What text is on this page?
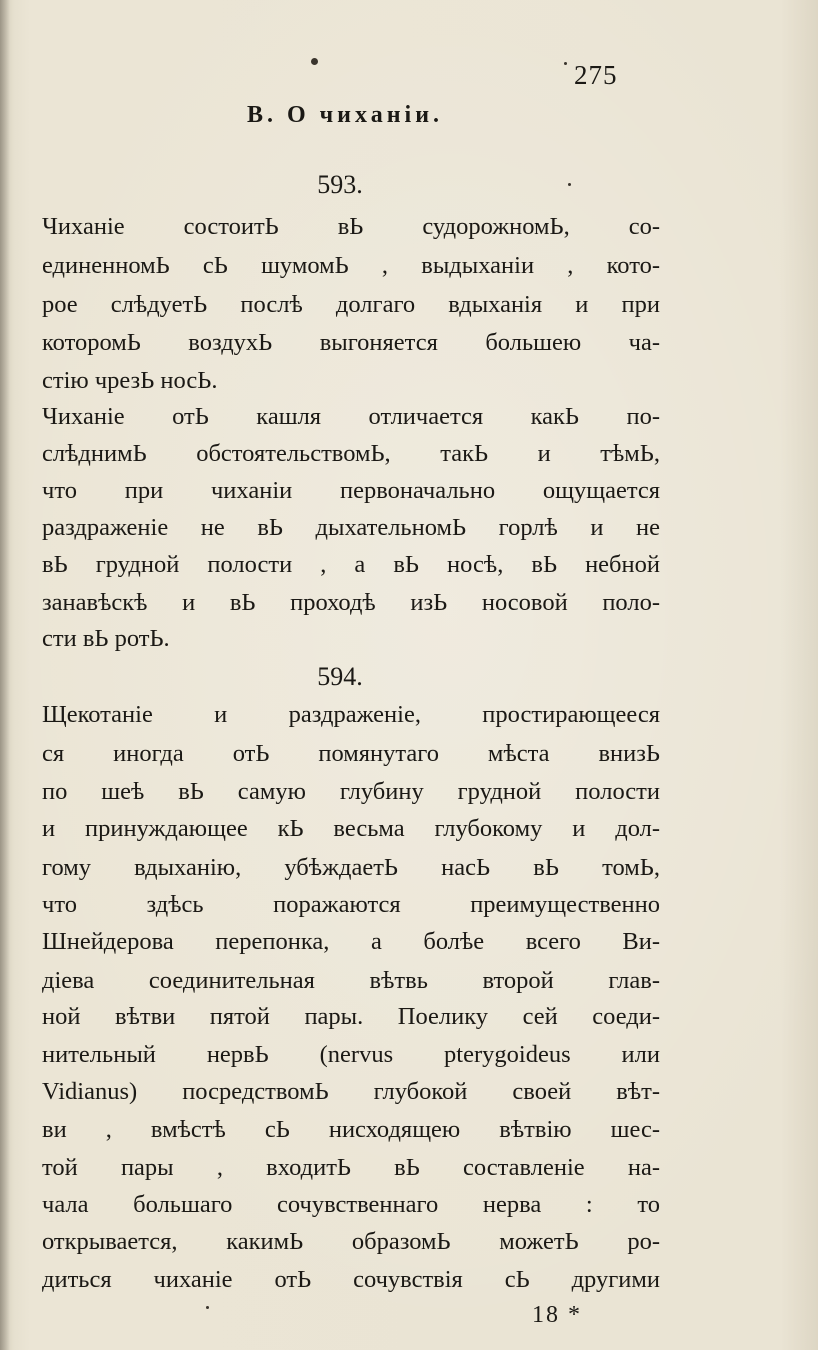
275
В. О чиханіи.
593.
Чиханіе состоитЬ вЬ судорожномЬ, со-
единенномЬ сЬ шумомЬ , выдыханіи , кото-
рое слѣдуетЬ послѣ долгаго вдыханія и при
которомЬ воздухЬ выгоняется большею ча-
стію чрезЬ носЬ.
Чиханіе отЬ кашля отличается какЬ по-
слѣднимЬ обстоятельствомЬ, такЬ и тѣмЬ,
что при чиханіи первоначально ощущается
раздраженіе не вЬ дыхательномЬ горлѣ и не
вЬ грудной полости , а вЬ носѣ, вЬ небной
занавѣскѣ и вЬ проходѣ изЬ носовой поло-
сти вЬ ротЬ.
594.
Щекотаніе и раздраженіе, простирающееся
ся иногда отЬ помянутаго мѣста внизЬ
по шеѣ вЬ самую глубину грудной полости
и принуждающее кЬ весьма глубокому и дол-
гому вдыханію, убѣждаетЬ насЬ вЬ томЬ,
что здѣсь поражаются преимущественно
Шнейдерова перепонка, а болѣе всего Ви-
діева соединительная вѣтвь второй глав-
ной вѣтви пятой пары. Поелику сей соеди-
нительный нервЬ (nervus pterygoideus или
Vidianus) посредствомЬ глубокой своей вѣт-
ви , вмѣстѣ сЬ нисходящею вѣтвію шес-
той пары , входитЬ вЬ составленіе на-
чала большаго сочувственнаго нерва : то
открывается, какимЬ образомЬ можетЬ ро-
диться чиханіе отЬ сочувствія сЬ другими
18 *
